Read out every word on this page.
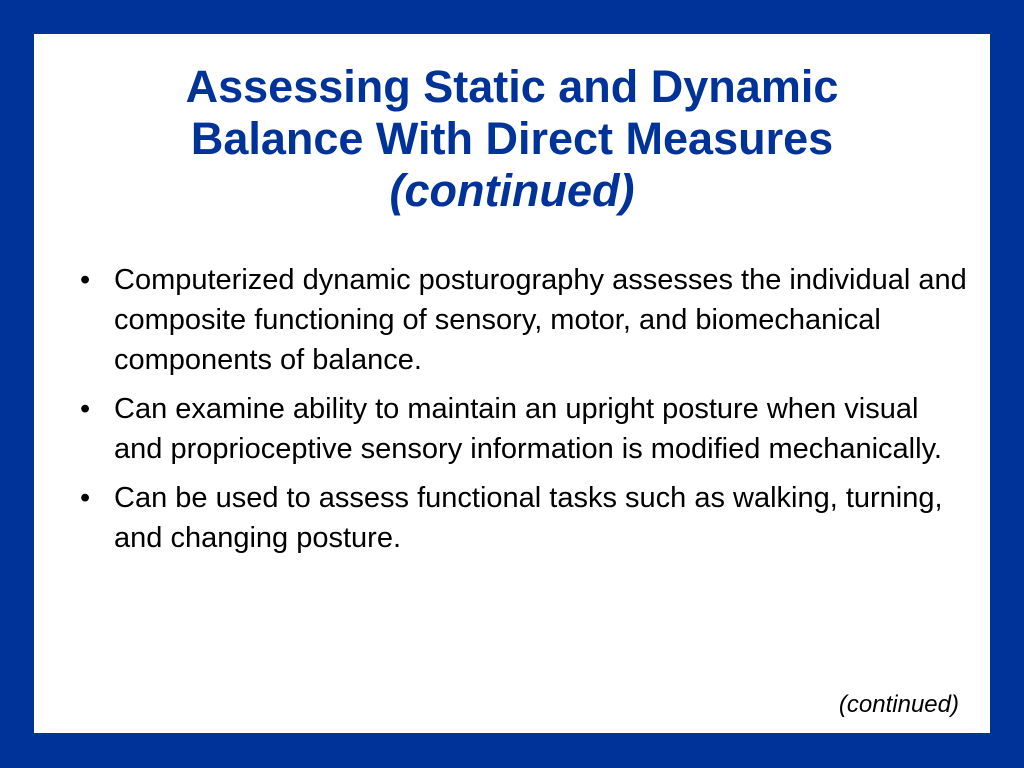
Assessing Static and Dynamic
Balance With Direct Measures
(continued)
• Computerized dynamic posturography assesses the individual and composite functioning of sensory, motor, and biomechanical components of balance.
• Can examine ability to maintain an upright posture when visual and proprioceptive sensory information is modified mechanically.
• Can be used to assess functional tasks such as walking, turning, and changing posture.
(continued)
